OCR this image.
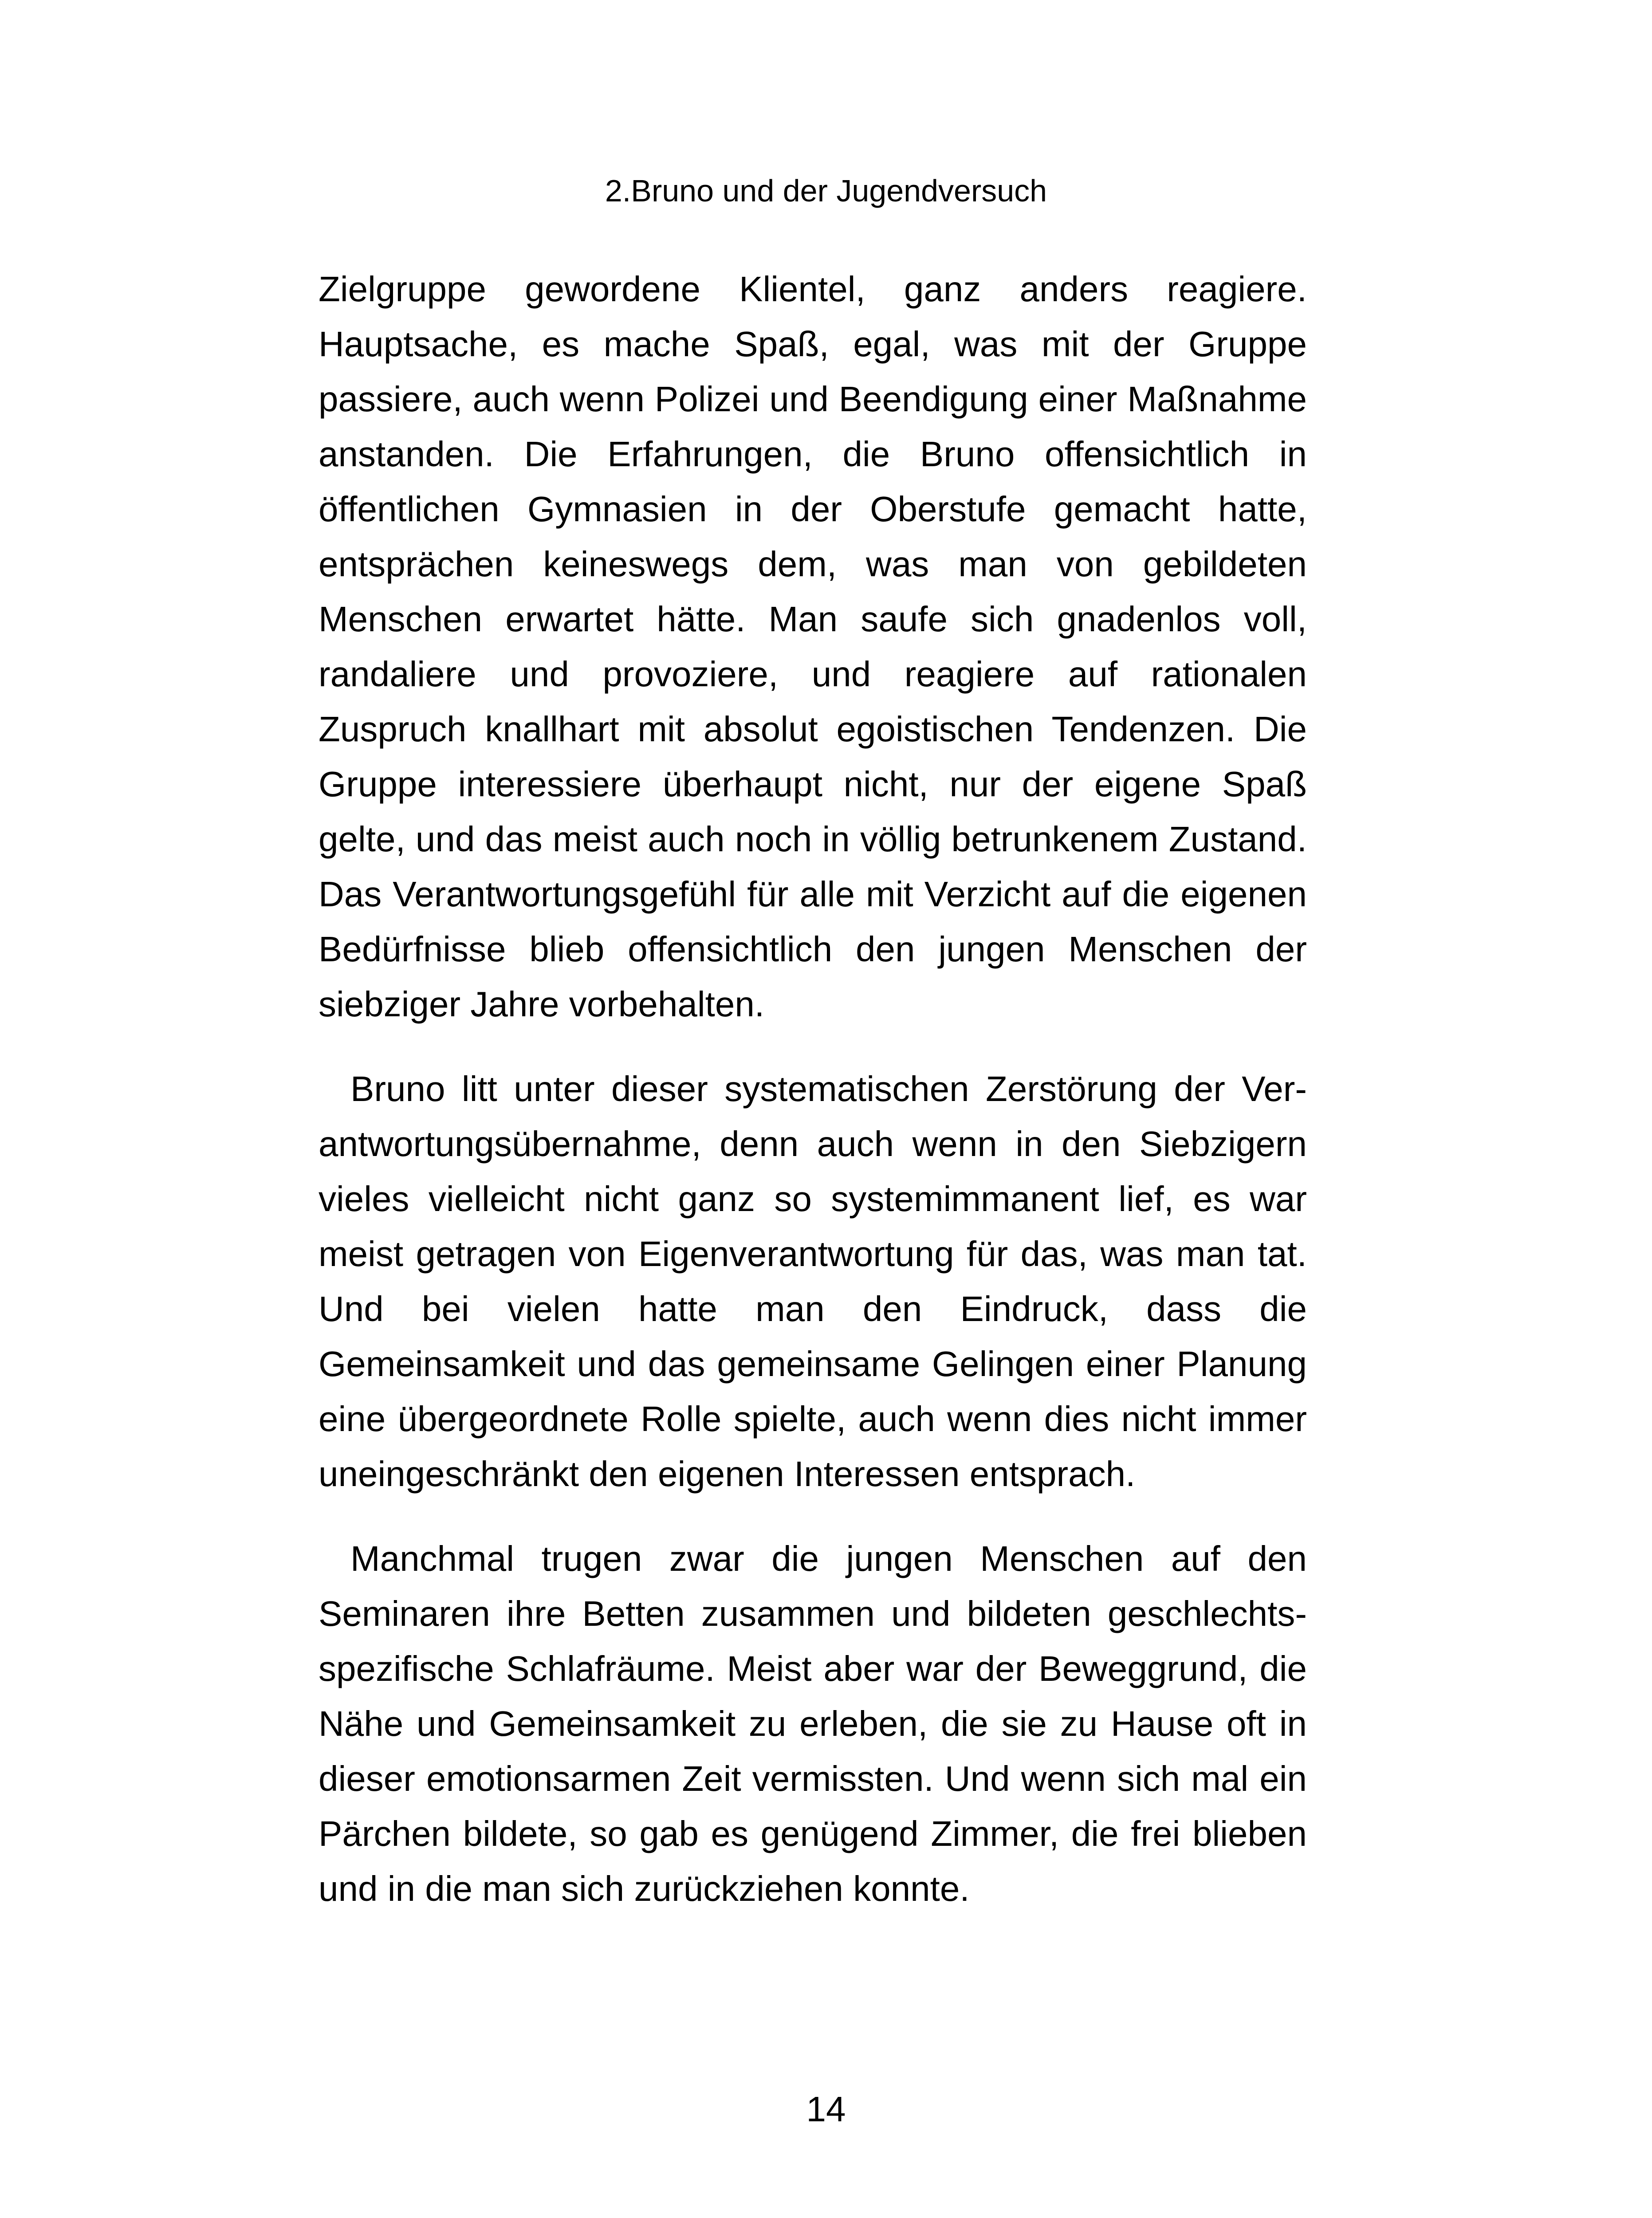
2.Bruno und der Jugendversuch

Zielgruppe gewordene Klientel, ganz anders reagiere. Hauptsache, es mache Spaß, egal, was mit der Gruppe passiere, auch wenn Polizei und Beendigung einer Maßnahme anstanden. Die Erfahrungen, die Bruno offensichtlich in öffentlichen Gymnasien in der Oberstufe gemacht hatte, entsprächen keineswegs dem, was man von gebildeten Menschen erwartet hätte. Man saufe sich gnadenlos voll, randaliere und provoziere, und reagiere auf rationalen Zuspruch knallhart mit absolut egoistischen Tendenzen. Die Gruppe interessiere überhaupt nicht, nur der eigene Spaß gelte, und das meist auch noch in völlig betrunkenem Zustand. Das Verantwortungsgefühl für alle mit Verzicht auf die eigenen Bedürfnisse blieb offensichtlich den jungen Menschen der siebziger Jahre vorbehalten.

Bruno litt unter dieser systematischen Zerstörung der Verantwortungsübernahme, denn auch wenn in den Siebzigern vieles vielleicht nicht ganz so systemimmanent lief, es war meist getragen von Eigenverantwortung für das, was man tat. Und bei vielen hatte man den Eindruck, dass die Gemeinsamkeit und das gemeinsame Gelingen einer Planung eine übergeordnete Rolle spielte, auch wenn dies nicht immer uneingeschränkt den eigenen Interessen entsprach.

Manchmal trugen zwar die jungen Menschen auf den Seminaren ihre Betten zusammen und bildeten geschlechtsspezifische Schlafräume. Meist aber war der Beweggrund, die Nähe und Gemeinsamkeit zu erleben, die sie zu Hause oft in dieser emotionsarmen Zeit vermissten. Und wenn sich mal ein Pärchen bildete, so gab es genügend Zimmer, die frei blieben und in die man sich zurückziehen konnte.

14
